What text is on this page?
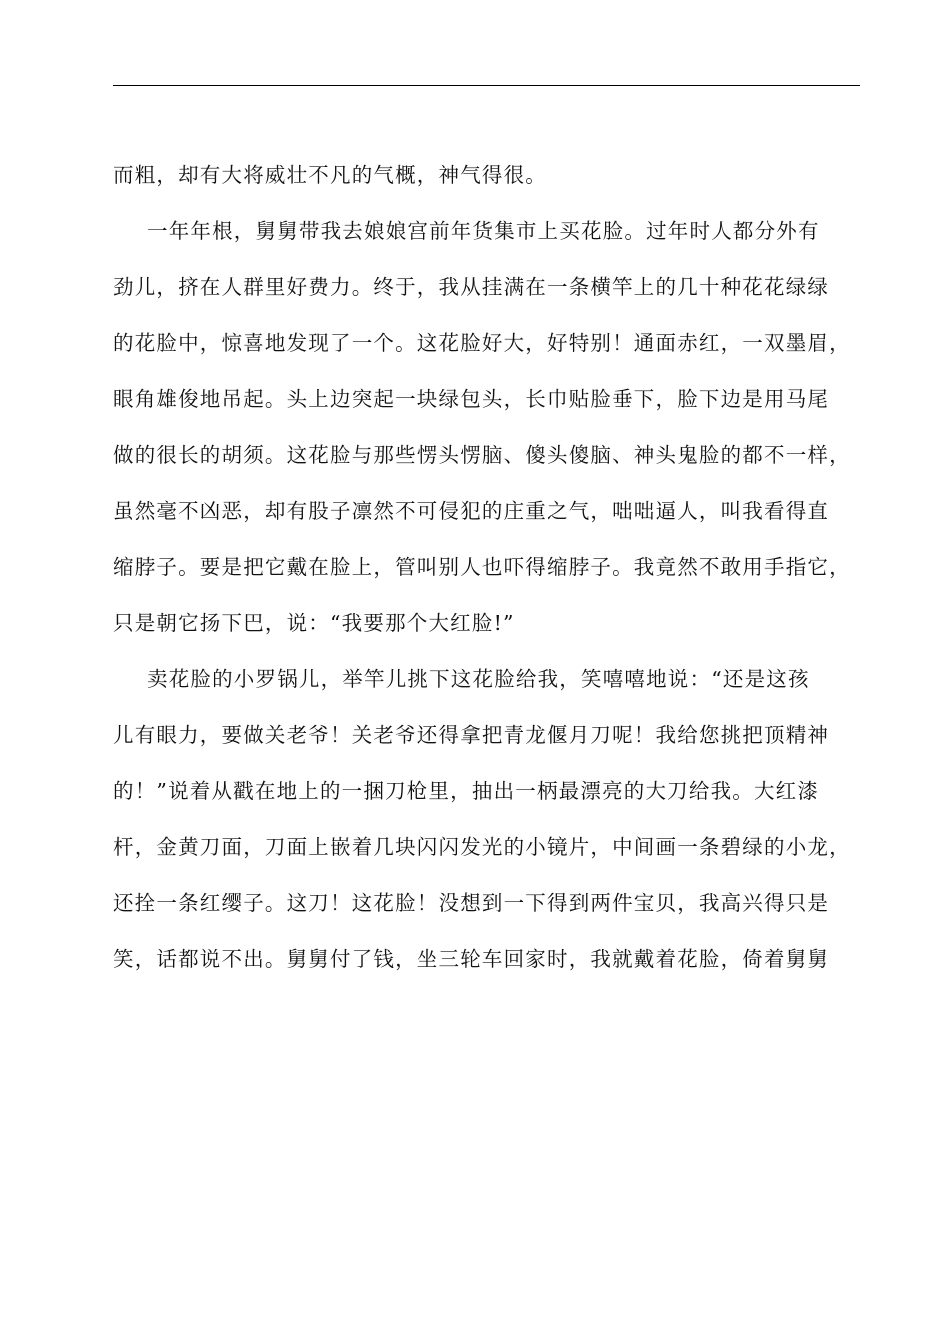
而粗，却有大将威壮不凡的气概，神气得很。
一年年根，舅舅带我去娘娘宫前年货集市上买花脸。过年时人都分外有
劲儿，挤在人群里好费力。终于，我从挂满在一条横竿上的几十种花花绿绿
的花脸中，惊喜地发现了一个。这花脸好大，好特别！通面赤红，一双墨眉，
眼角雄俊地吊起。头上边突起一块绿包头，长巾贴脸垂下，脸下边是用马尾
做的很长的胡须。这花脸与那些愣头愣脑、傻头傻脑、神头鬼脸的都不一样，
虽然毫不凶恶，却有股子凛然不可侵犯的庄重之气，咄咄逼人，叫我看得直
缩脖子。要是把它戴在脸上，管叫别人也吓得缩脖子。我竟然不敢用手指它，
只是朝它扬下巴，说：“我要那个大红脸!”
卖花脸的小罗锅儿，举竿儿挑下这花脸给我，笑嘻嘻地说：“还是这孩
儿有眼力，要做关老爷！关老爷还得拿把青龙偃月刀呢！我给您挑把顶精神
的！”说着从戳在地上的一捆刀枪里，抽出一柄最漂亮的大刀给我。大红漆
杆，金黄刀面，刀面上嵌着几块闪闪发光的小镜片，中间画一条碧绿的小龙，
还拴一条红缨子。这刀！这花脸！没想到一下得到两件宝贝，我高兴得只是
笑，话都说不出。舅舅付了钱，坐三轮车回家时，我就戴着花脸，倚着舅舅
